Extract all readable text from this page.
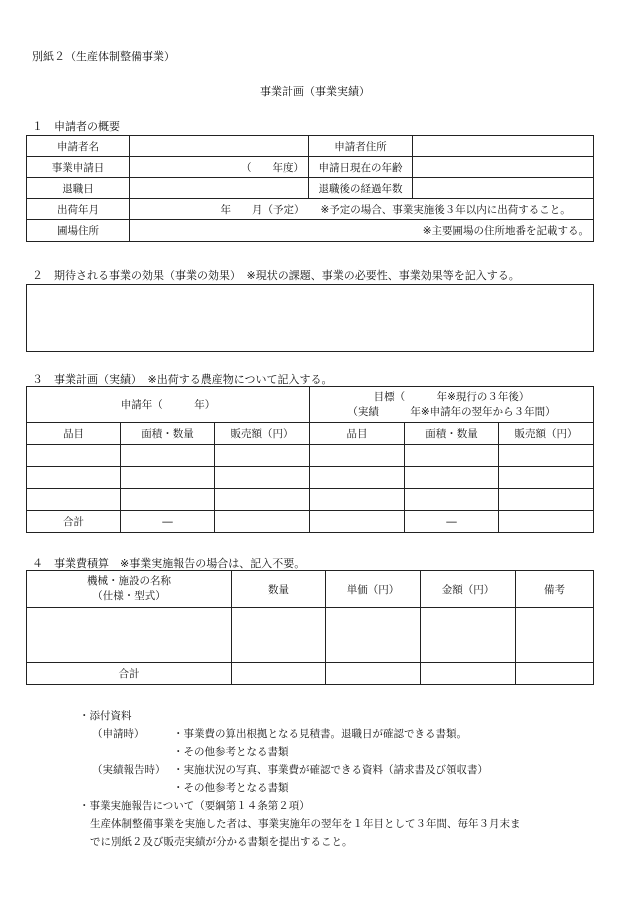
別紙２（生産体制整備事業）
事業計画（事業実績）
１　申請者の概要
申請者名		申請者住所	
事業申請日	（　　年度）	申請日現在の年齢	
退職日		退職後の経過年数	
出荷年月	年　　月（予定）	※予定の場合、事業実施後３年以内に出荷すること。	
圃場住所	※主要圃場の住所地番を記載する。		
２　期待される事業の効果（事業の効果）　※現状の課題、事業の必要性、事業効果等を記入する。
３　事業計画（実績）　※出荷する農産物について記入する。
申請年（　　　年）			目標（　　　年※現行の３年後）
（実績　　　年※申請年の翌年から３年間）		

品目	面積・数量	販売額（円）	品目	面積・数量	販売額（円）

合計	―			―	
４　事業費積算　※事業実施報告の場合は、記入不要。
機械・施設の名称
（仕様・型式）	数量	単価（円）	金額（円）	備考

合計				
・添付資料
（申請時）	・事業費の算出根拠となる見積書。退職日が確認できる書類。
・その他参考となる書類
（実績報告時） ・実施状況の写真、事業費が確認できる資料（請求書及び領収書）
・その他参考となる書類
・事業実施報告について（要綱第１４条第２項）
生産体制整備事業を実施した者は、事業実施年の翌年を１年目として３年間、毎年３月末ま
でに別紙２及び販売実績が分かる書類を提出すること。
